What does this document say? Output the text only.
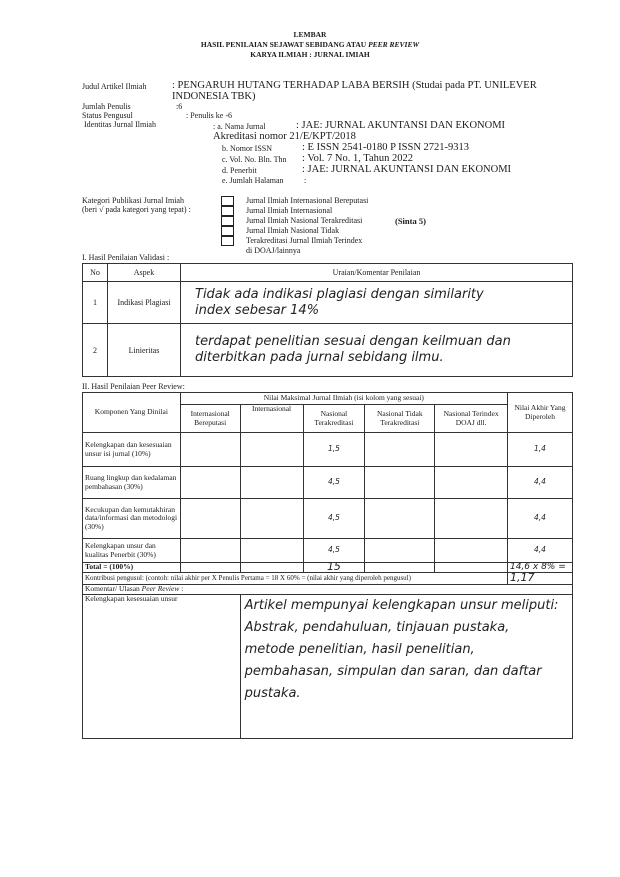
LEMBAR
HASIL PENILAIAN SEJAWAT SEBIDANG ATAU PEER REVIEW
KARYA ILMIAH : JURNAL IMIAH
Judul Artikel Ilmiah : PENGARUH HUTANG TERHADAP LABA BERSIH (Studai pada PT. UNILEVER INDONESIA TBK)
Jumlah Penulis	:6
Status Pengusul	: Penulis ke -6
Identitas Jurnal Ilmiah	: a. Nama Jurnal	: JAE: JURNAL AKUNTANSI DAN EKONOMI
Akreditasi nomor 21/E/KPT/2018
b. Nomor ISSN	: E ISSN 2541-0180 P ISSN 2721-9313
c. Vol. No. Bln. Thn : Vol. 7 No. 1, Tahun 2022
d. Penerbit	: JAE: JURNAL AKUNTANSI DAN EKONOMI
e. Jumlah Halaman	:
Kategori Publikasi Jurnal Imiah
(beri √ pada kategori yang tepat) :
Jurnal Ilmiah Internasional Bereputasi
Jurnal Ilmiah Internasional
Jurnal Ilmiah Nasional Terakreditasi
Jurnal Ilmiah Nasional Tidak
Terakreditasi Jurnal Ilmiah Terindex
di DOAJ/lainnya
(Sinta 5)
I. Hasil Penilaian Validasi :
No	Aspek	Uraian/Komentar Penilaian
1	Indikasi Plagiasi	Tidak ada indikasi plagiasi dengan similarity
index sebesar 14%

2	Linieritas	terdapat penelitian sesuai dengan keilmuan dan
diterbitkan pada jurnal sebidang ilmu.
II. Hasil Penilaian Peer Review:
Komponen Yang Dinilai	Nilai Maksimal Jurnal Ilmiah (isi kolom yang sesuai)					Nilai Akhir Yang Diperoleh
	Internasional Bereputasi	Internasional	Nasional Terakreditasi	Nasional Tidak Terakreditasi	Nasional Terindex DOAJ dll.	
Kelengkapan dan kesesuaian unsur isi jurnal (10%)			1,5			1,4
Ruang lingkup dan kedalaman pembahasan (30%)			4,5			4,4
Kecukupan dan kemutakhiran data/informasi dan metodologi (30%)			4,5			4,4
Kelengkapan unsur dan kualitas Penerbit (30%)			4,5			4,4
Total = (100%)			15			14,6 x 8% =
Kontribusi pengusul: (contoh: nilai akhir per X Penulis Pertama = 18 X 60% = (nilai akhir yang diperoleh pengusul)						1,17
Komentar/ Ulasan Peer Review :						
Kelengkapan kesesuaian unsur		Artikel mempunyai kelengkapan unsur meliputi:
Abstrak, pendahuluan, tinjauan pustaka,
metode penelitian, hasil penelitian,
pembahasan, simpulan dan saran, dan daftar
pustaka.				
